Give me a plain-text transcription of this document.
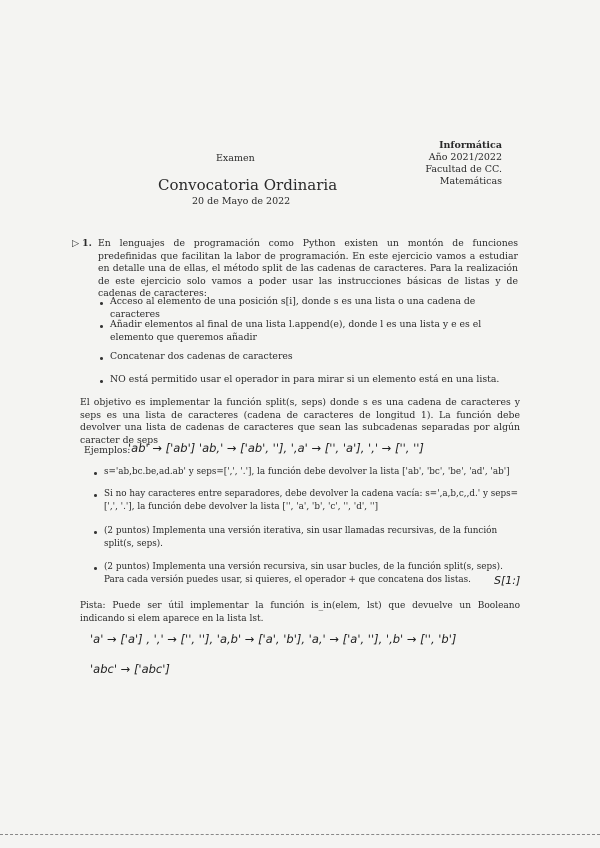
Examen
Convocatoria Ordinaria
20 de Mayo de 2022
Informática
Año 2021/2022
Facultad de CC.
Matemáticas
▷ 1. En lenguajes de programación como Python existen un montón de funciones predefinidas que facilitan la labor de programación. En este ejercicio vamos a estudiar en detalle una de ellas, el método split de las cadenas de caracteres. Para la realización de este ejercicio solo vamos a poder usar las instrucciones básicas de listas y de cadenas de caracteres:
Acceso al elemento de una posición s[i], donde s es una lista o una cadena de caracteres
Añadir elementos al final de una lista l.append(e), donde l es una lista y e es el elemento que queremos añadir
Concatenar dos cadenas de caracteres
NO está permitido usar el operador in para mirar si un elemento está en una lista.
El objetivo es implementar la función split(s, seps) donde s es una cadena de caracteres y seps es una lista de caracteres (cadena de caracteres de longitud 1). La función debe devolver una lista de cadenas de caracteres que sean las subcadenas separadas por algún caracter de seps
Ejemplos:
'ab' → ['ab'] 'ab,' → ['ab', ''], ',a' → ['', 'a'], ',' → ['', '']
s='ab,bc.be,ad.ab' y seps=[',', '.'], la función debe devolver la lista ['ab', 'bc', 'be', 'ad', 'ab']
Si no hay caracteres entre separadores, debe devolver la cadena vacía: s=',a,b,c,,d.' y seps=[',', '.'], la función debe devolver la lista ['', 'a', 'b', 'c', '', 'd', '']
(2 puntos) Implementa una versión iterativa, sin usar llamadas recursivas, de la función split(s, seps).
(2 puntos) Implementa una versión recursiva, sin usar bucles, de la función split(s, seps). Para cada versión puedes usar, si quieres, el operador + que concatena dos listas.	S[1:]
Pista: Puede ser útil implementar la función is_in(elem, lst) que devuelve un Booleano indicando si elem aparece en la lista lst.
'a' → ['a'] , ',' → ['', ''], 'a,b' → ['a', 'b'], 'a,' → ['a', ''], ',b' → ['', 'b']
'abc' → ['abc']
